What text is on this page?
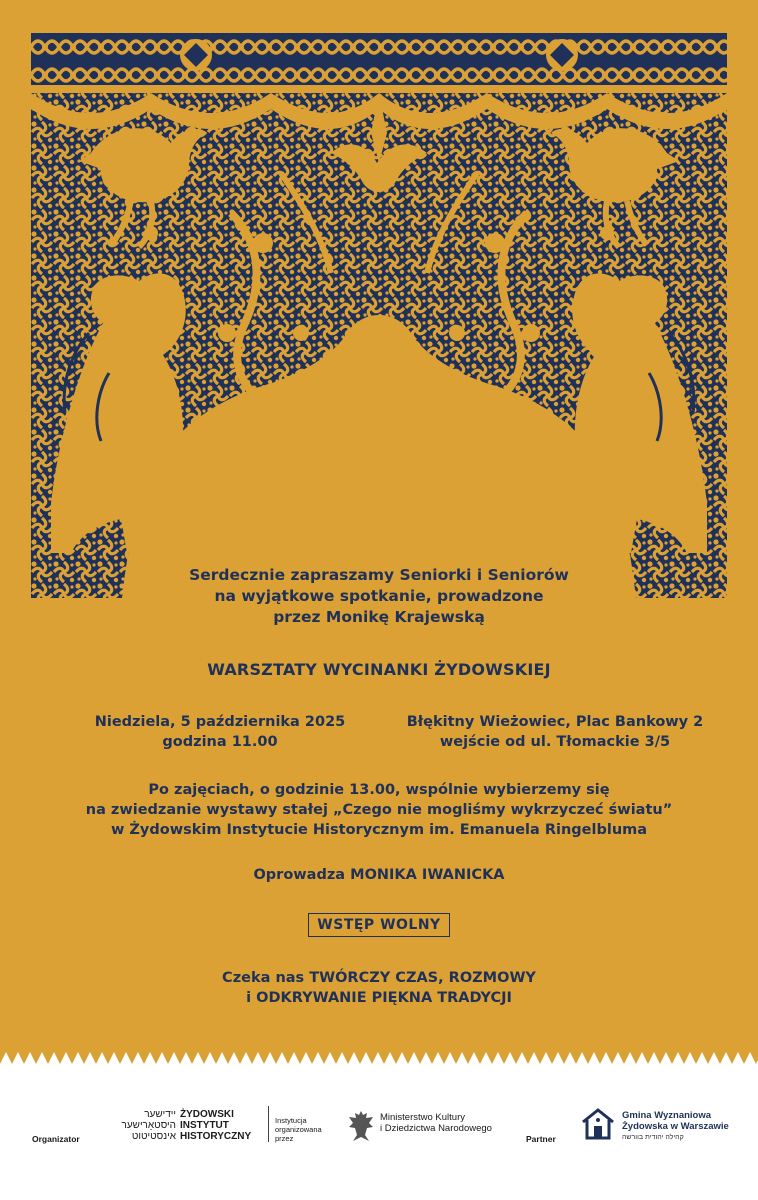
Serdecznie zapraszamy Seniorki i Seniorów
na wyjątkowe spotkanie, prowadzone
przez Monikę Krajewską
WARSZTATY WYCINANKI ŻYDOWSKIEJ
Niedziela, 5 października 2025
godzina 11.00
Błękitny Wieżowiec, Plac Bankowy 2
wejście od ul. Tłomackie 3/5
Po zajęciach, o godzinie 13.00, wspólnie wybierzemy się
na zwiedzanie wystawy stałej „Czego nie mogliśmy wykrzyczeć światu”
w Żydowskim Instytucie Historycznym im. Emanuela Ringelbluma
Oprowadza MONIKA IWANICKA
WSTĘP WOLNY
Czeka nas TWÓRCZY CZAS, ROZMOWY
i ODKRYWANIE PIĘKNA TRADYCJI
Organizator
יידישער
היסטאָרישער
אינסטיטוט
ŻYDOWSKI
INSTYTUT
HISTORYCZNY
Instytucja
organizowana
przez
Ministerstwo Kultury
i Dziedzictwa Narodowego
Partner
Gmina Wyznaniowa
Żydowska w Warszawie
קהילה יהודית בוורשה
